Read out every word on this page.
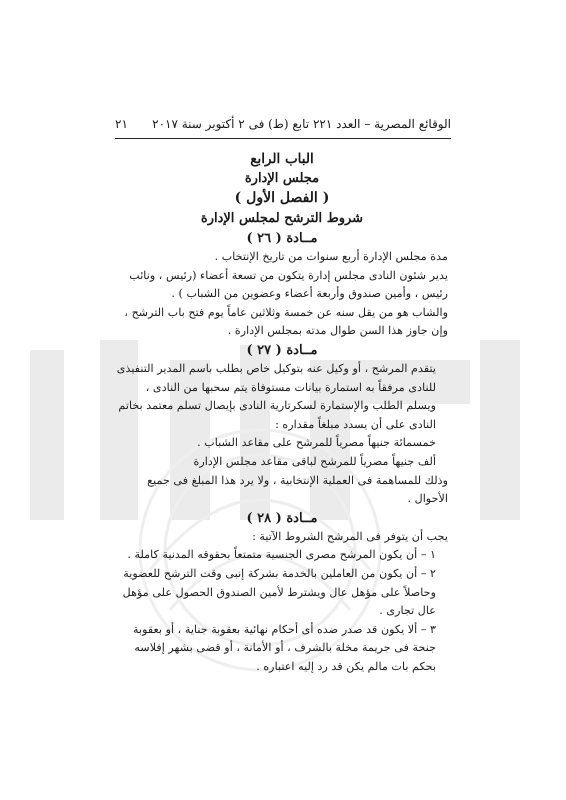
الوقائع المصرية – العدد ٢٢١ تابع (ط) فى ٢ أكتوبر سنة ٢٠١٧
٢١
الباب الرابع
مجلس الإدارة
( الفصل الأول )
شروط الترشح لمجلس الإدارة
مــادة ( ٢٦ )

مدة مجلس الإدارة أربع سنوات من تاريخ الإنتخاب .

يدير شئون النادى مجلس إدارة يتكون من تسعة أعضاء (رئيس ، ونائب رئيس ، وأمين صندوق وأربعة أعضاء وعضوين من الشباب ) .

والشاب هو من يقل سنه عن خمسة وثلاثين عاماً يوم فتح باب الترشح ، وإن جاوز هذا السن طوال مدته بمجلس الإدارة .

مــادة ( ٢٧ )

يتقدم المرشح ، أو وكيل عنه بتوكيل خاص بطلب باسم المدير التنفيذى للنادى مرفقاً به استمارة بيانات مستوفاة يتم سحبها من النادى ، ويسلم الطلب والإستمارة لسكرتارية النادى بإيصال تسلم معتمد بخاتم النادى على أن يسدد مبلغاً مقداره :

خمسمائة جنيهاً مصرياً للمرشح على مقاعد الشباب .

ألف جنيهاً مصرياً للمرشح لباقى مقاعد مجلس الإدارة

وذلك للمساهمة فى العملية الإنتخابية ، ولا يرد هذا المبلغ فى جميع الأحوال .

مــادة ( ٢٨ )

يجب أن يتوفر فى المرشح الشروط الآتية :

١ – أن يكون المرشح مصرى الجنسية متمتعاً بحقوقه المدنية كاملة .

٢ – أن يكون من العاملين بالخدمة بشركة إنبى وقت الترشح للعضوية وحاصلاً على مؤهل عال ويشترط لأمين الصندوق الحصول على مؤهل عال تجارى .

٣ – ألا يكون قد صدر ضده أى أحكام نهائية بعقوبة جناية ، أو بعقوبة جنحة فى جريمة مخلة بالشرف ، أو الأمانة ، أو قضى بشهر إفلاسه بحكم بات مالم يكن قد رد إليه اعتباره .
